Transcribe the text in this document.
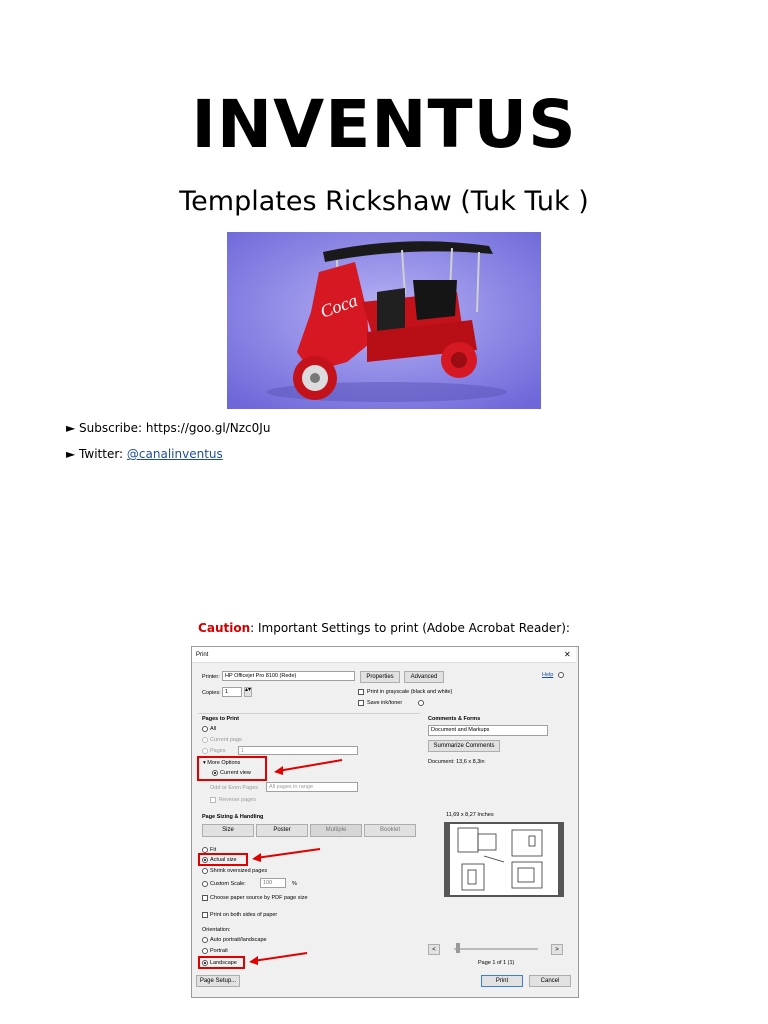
INVENTUS
Templates Rickshaw (Tuk Tuk )
Coca
► Subscribe: https://goo.gl/Nzc0Ju
► Twitter: @canalinventus
Caution: Important Settings to print (Adobe Acrobat Reader):
Print	✕
Printer: HP Officejet Pro 8100 (Rede)	Properties	Advanced	Help
Copies: 1	▴▾	Print in grayscale (black and white)
Save ink/toner
Pages to Print
All
Current page
Pages	1
▾ More Options
Current view
Odd or Even Pages	All pages in range
Reverse pages
Page Sizing & Handling
Size	Poster	Multiple	Booklet
Fit
Actual size
Shrink oversized pages
Custom Scale:	100	%
Choose paper source by PDF page size
Print on both sides of paper
Orientation:
Auto portrait/landscape
Portrait
Landscape
Comments & Forms
Document and Markups
Summarize Comments
Document: 13,6 x 8,3in
11,69 x 8,27 Inches
<	>
Page 1 of 1 (1)
Page Setup...	Print	Cancel
